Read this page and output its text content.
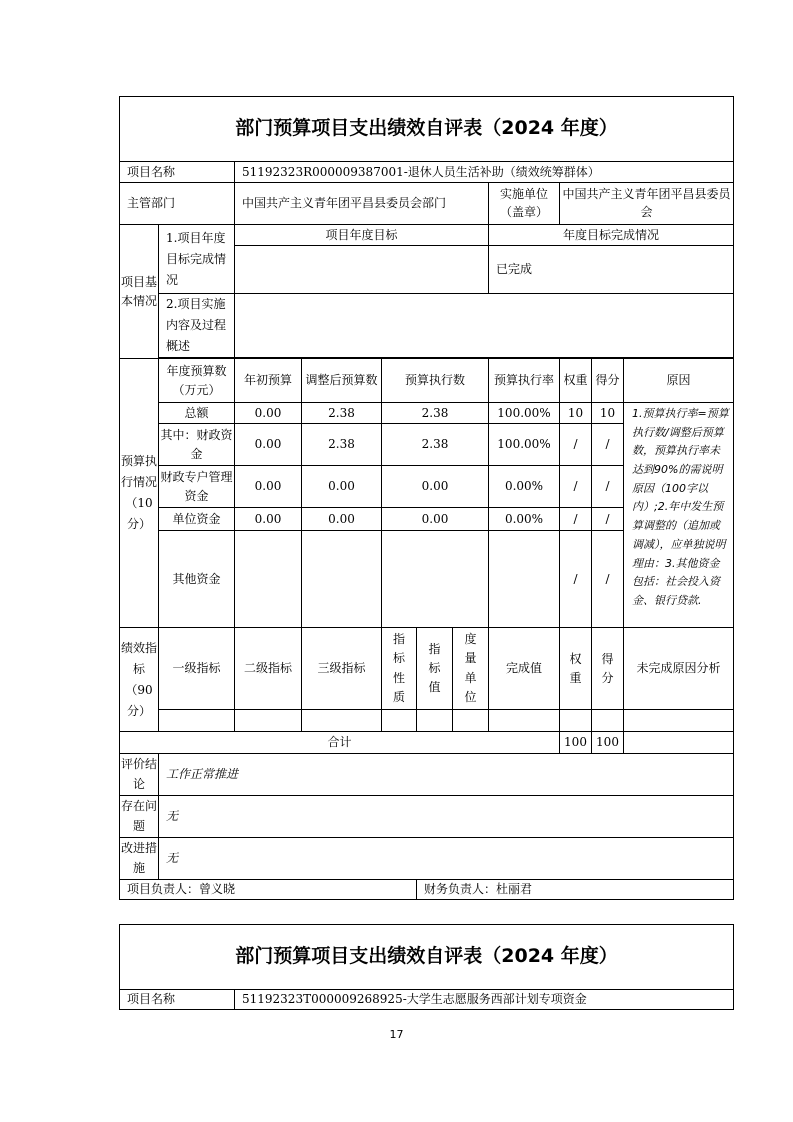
部门预算项目支出绩效自评表（2024 年度）										
项目名称		51192323R000009387001-退休人员生活补助（绩效统筹群体）								
主管部门		中国共产主义青年团平昌县委员会部门					实施单位（盖章）	中国共产主义青年团平昌县委员会		
项目基本情况	1.项目年度目标完成情况	项目年度目标					年度目标完成情况			
							已完成			
	2.项目实施内容及过程概述									

预算执行情况（10分）	年度预算数（万元）	年初预算	调整后预算数	预算执行数			预算执行率	权重	得分	原因
	总额	0.00	2.38	2.38			100.00%	10	10	1.预算执行率=预算执行数/调整后预算数，预算执行率未达到90%的需说明原因（100字以内）;2.年中发生预算调整的（追加或调减），应单独说明理由：3.其他资金包括：社会投入资金、银行贷款.
	其中：财政资金	0.00	2.38	2.38			100.00%	/	/	
	财政专户管理资金	0.00	0.00	0.00			0.00%	/	/	
	单位资金	0.00	0.00	0.00			0.00%	/	/	
	其他资金							/	/	
绩效指标（90分）	一级指标	二级指标	三级指标	指标性质	指标值	度量单位	完成值	权重	得分	未完成原因分析

合计								100	100	
评价结论	工作正常推进									
存在问题	无									
改进措施	无									
项目负责人：曾义晓					财务负责人：杜丽君					
部门预算项目支出绩效自评表（2024 年度）
项目名称	51192323T000009268925-大学生志愿服务西部计划专项资金
17
